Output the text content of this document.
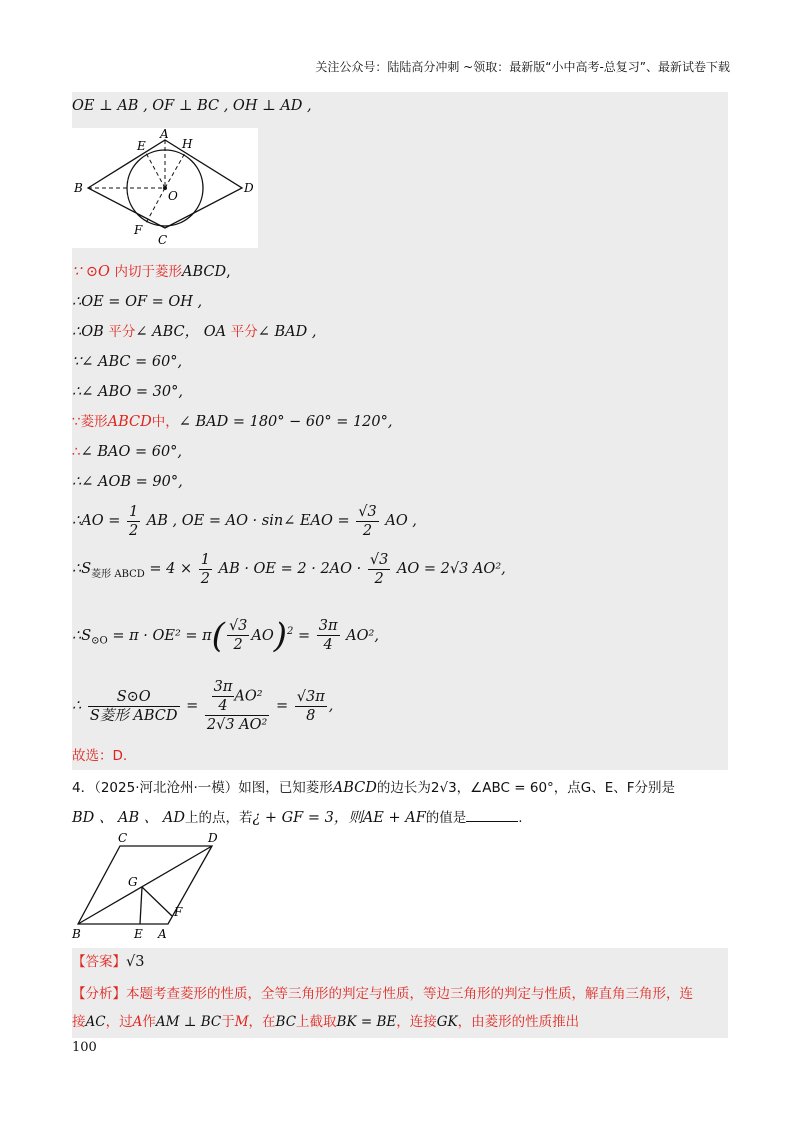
关注公众号：陆陆高分冲刺 ~领取：最新版“小中高考-总复习”、最新试卷下载
OE ⊥ AB , OF ⊥ BC , OH ⊥ AD ,
A
H
E
B
O
D
F
C
∵ ⊙O 内切于菱形ABCD,
∴OE = OF = OH ,
∴OB 平分∠ ABC， OA 平分∠ BAD ,
∵∠ ABC = 60°,
∴∠ ABO = 30°,
∵菱形ABCD中，∠ BAD = 180° − 60° = 120°,
∴∠ BAO = 60°,
∴∠ AOB = 90°,
∴AO = $\frac{1}{2}$ AB , OE = AO · sin∠ EAO = $\frac{√3}{2}$ AO ,
$\therefore S_{菱形 ABCD} = 4 \times \frac{1}{2}$ AB · OE = $2 \cdot 2AO \cdot \frac{√3}{2}$ AO = 2√3 AO²,
$\therefore S_{⊙O} = \pi \cdot OE^2 = \pi( \frac{√3}{2} AO)^2 = \frac{3\pi}{4} AO^2$,
∴ $\frac{S⊙O}{\text{S菱形 ABCD}} = \frac{\frac{3\pi}{4} AO^2}{\text{2√3 AO²}} = \frac{√3\pi}{8}$ ,
故选：D.
4．（2025·河北沧州·一模）如图，已知菱形ABCD的边长为2√3，∠ABC = 60°，点G、E、F分别是
BD 、 AB 、 AD上的点，若¿ + GF = 3，则AE + AF的值是	.
C	D
G
F
B	E A
【答案】√3
【分析】本题考查菱形的性质，全等三角形的判定与性质，等边三角形的判定与性质，解直角三角形，连
接AC，过A作AM ⊥ BC于M，在BC上截取BK = BE，连接GK，由菱形的性质推出
100
